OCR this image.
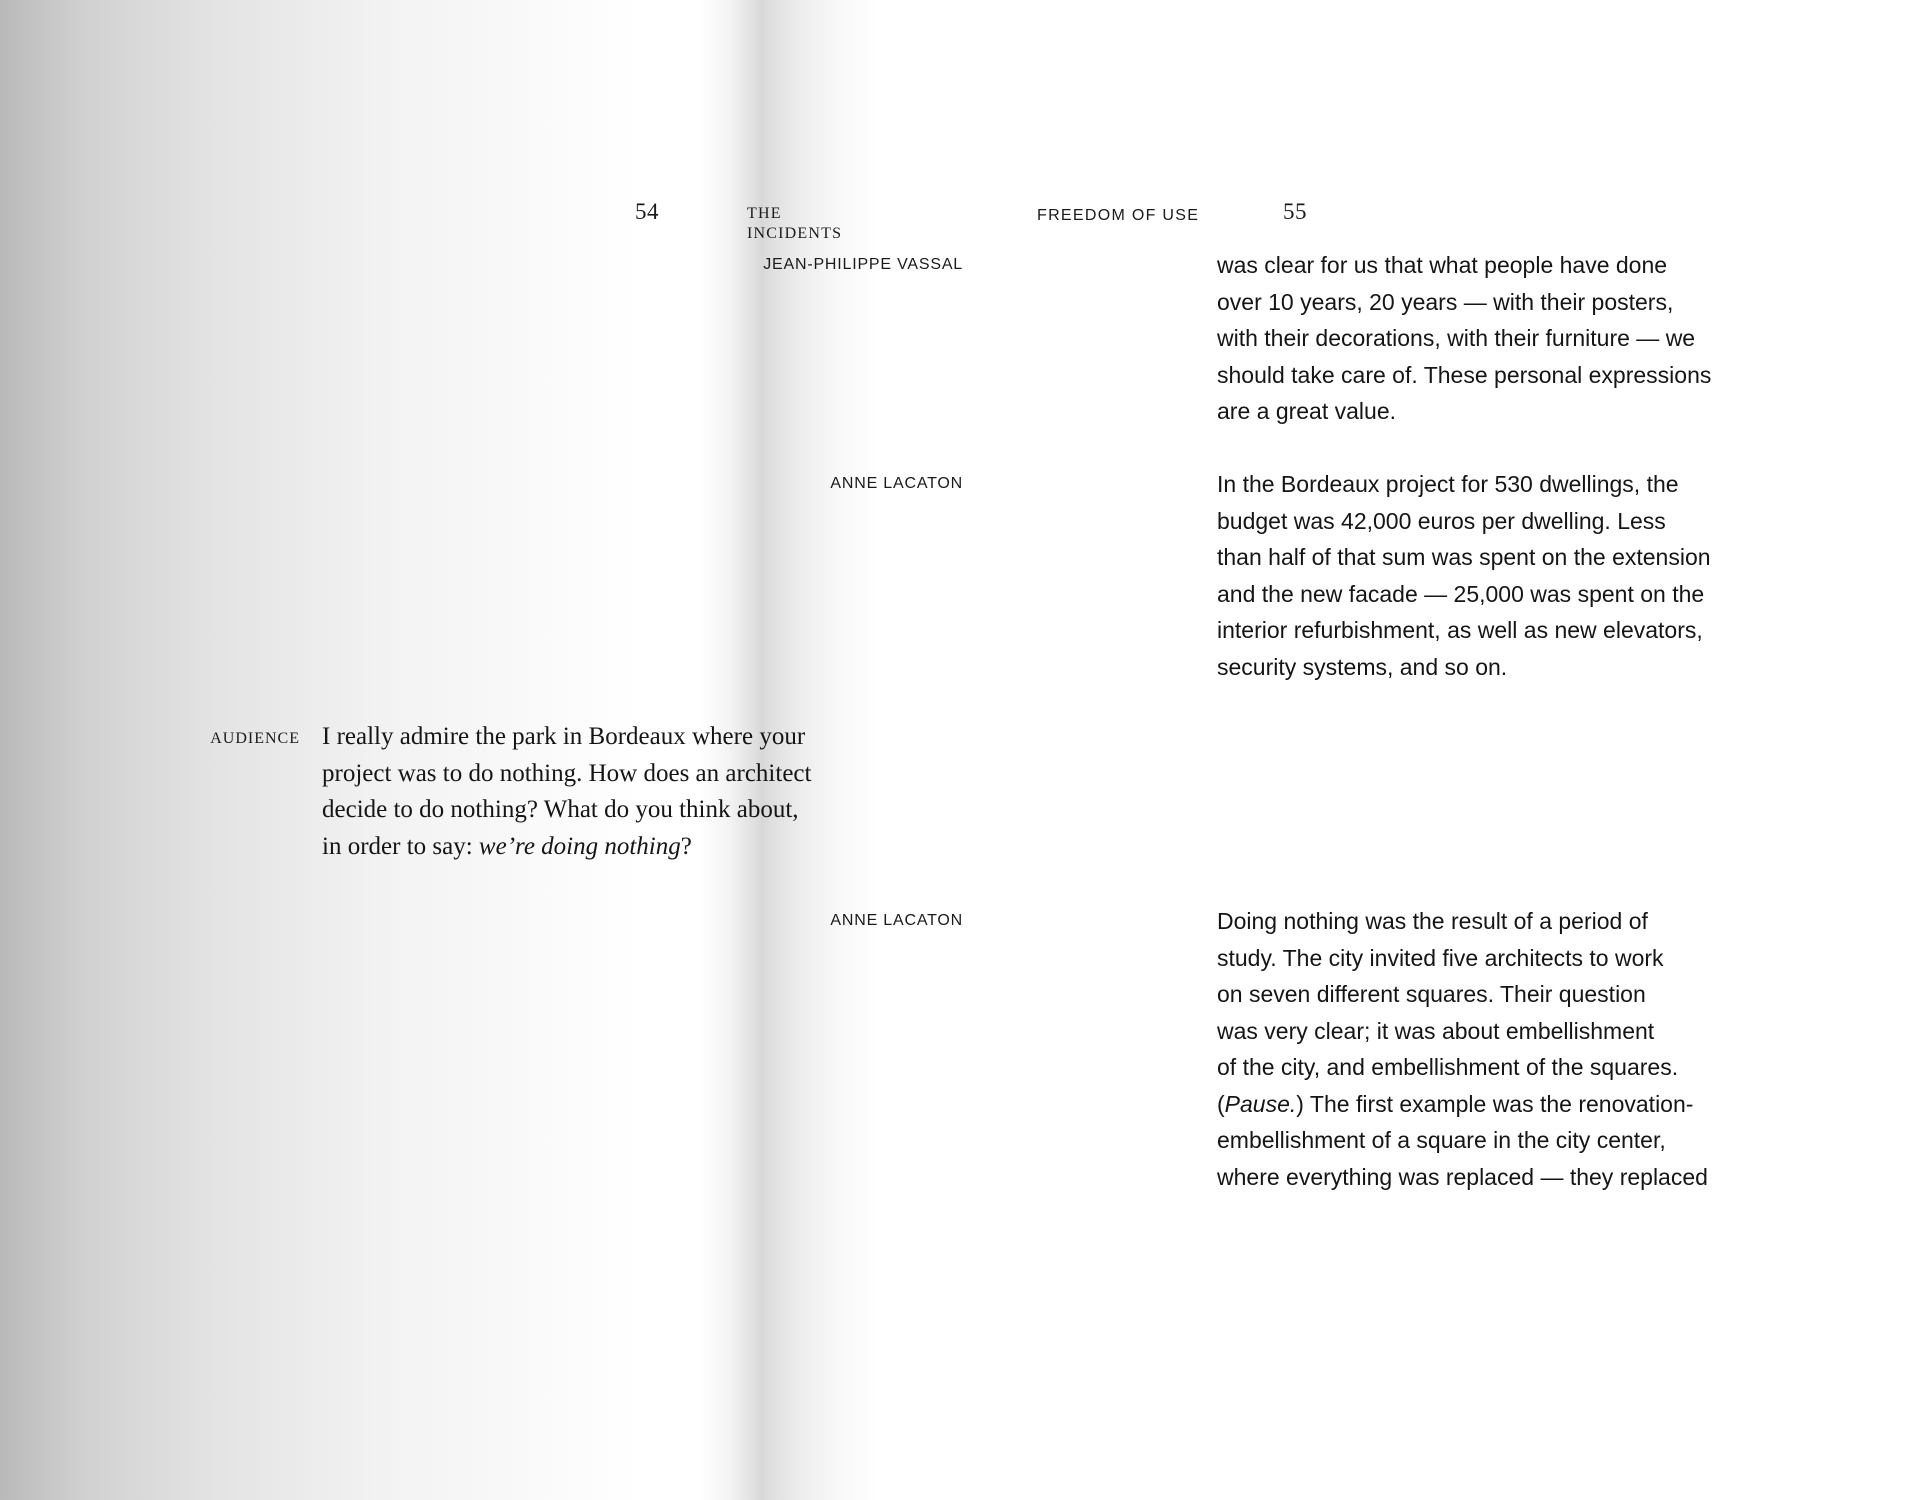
54	THE INCIDENTS
AUDIENCE I really admire the park in Bordeaux where your
project was to do nothing. How does an architect
decide to do nothing? What do you think about,
in order to say: we’re doing nothing?
FREEDOM OF USE	55
JEAN-PHILIPPE VASSAL	was clear for us that what people have done
over 10 years, 20 years — with their posters,
with their decorations, with their furniture — we
should take care of. These personal expressions
are a great value.
ANNE LACATON	In the Bordeaux project for 530 dwellings, the
budget was 42,000 euros per dwelling. Less
than half of that sum was spent on the extension
and the new facade — 25,000 was spent on the
interior refurbishment, as well as new elevators,
security systems, and so on.
ANNE LACATON	Doing nothing was the result of a period of
study. The city invited five architects to work
on seven different squares. Their question
was very clear; it was about embellishment
of the city, and embellishment of the squares.
(Pause.) The first example was the renovation-
embellishment of a square in the city center,
where everything was replaced — they replaced
